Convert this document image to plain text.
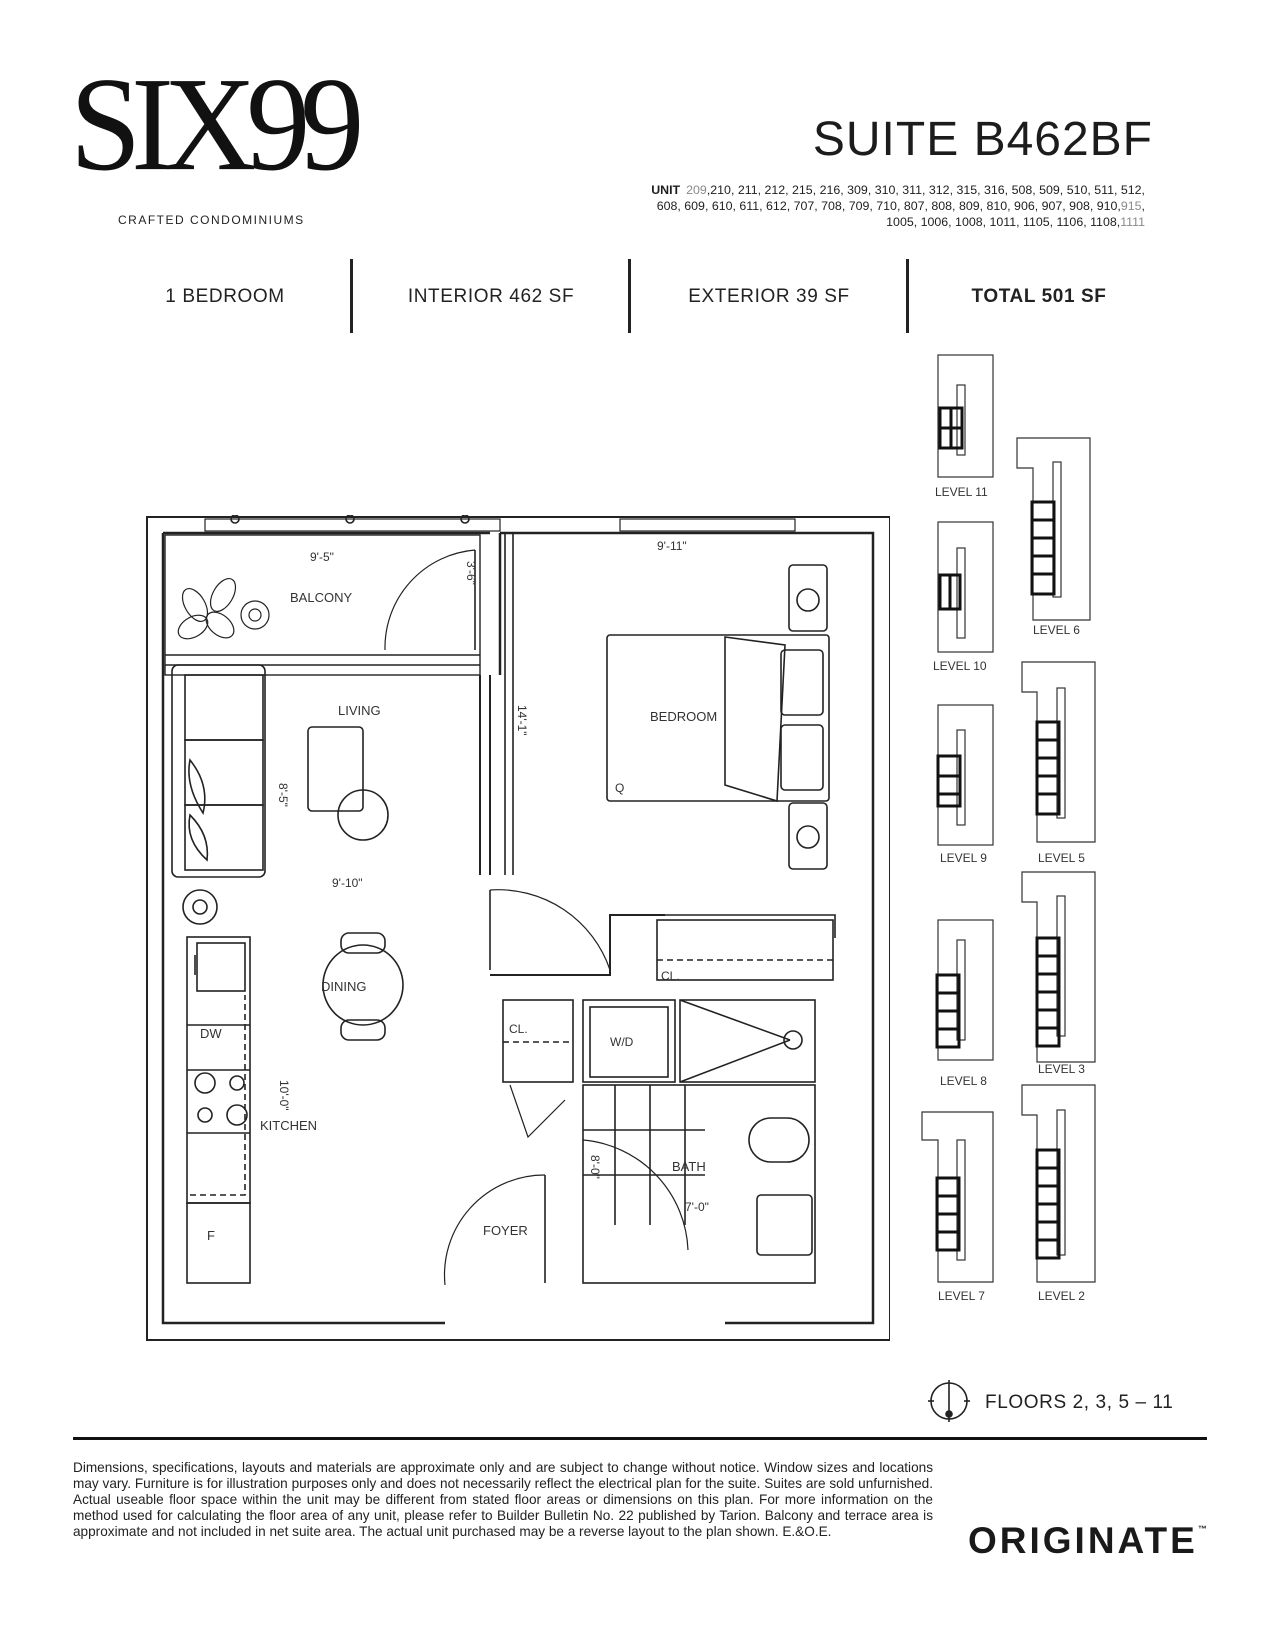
SIX99
CRAFTED CONDOMINIUMS
SUITE B462BF
UNIT 209,210, 211, 212, 215, 216, 309, 310, 311, 312, 315, 316, 508, 509, 510, 511, 512, 608, 609, 610, 611, 612, 707, 708, 709, 710, 807, 808, 809, 810, 906, 907, 908, 910,915, 1005, 1006, 1008, 1011, 1105, 1106, 1108,1111
1 BEDROOM	INTERIOR 462 SF	EXTERIOR 39 SF	TOTAL 501 SF
BALCONY
9'-5"
3'-6"
LIVING
8'-5"
9'-10"
DINING
DW
F
KITCHEN
10'-0"
BEDROOM
Q
9'-11"
14'-1"
CL.
CL.
W/D
BATH
8'-0"
7'-0"
FOYER
LEVEL 11
LEVEL 10
LEVEL 9
LEVEL 8
LEVEL 7
LEVEL 6
LEVEL 5
LEVEL 3
LEVEL 2
FLOORS 2, 3, 5 – 11
Dimensions, specifications, layouts and materials are approximate only and are subject to change without notice. Window sizes and locations may vary. Furniture is for illustration purposes only and does not necessarily reflect the electrical plan for the suite. Suites are sold unfurnished. Actual useable floor space within the unit may be different from stated floor areas or dimensions on this plan. For more information on the method used for calculating the floor area of any unit, please refer to Builder Bulletin No. 22 published by Tarion. Balcony and terrace area is approximate and not included in net suite area. The actual unit purchased may be a reverse layout to the plan shown. E.&O.E.	ORIGINATE™
